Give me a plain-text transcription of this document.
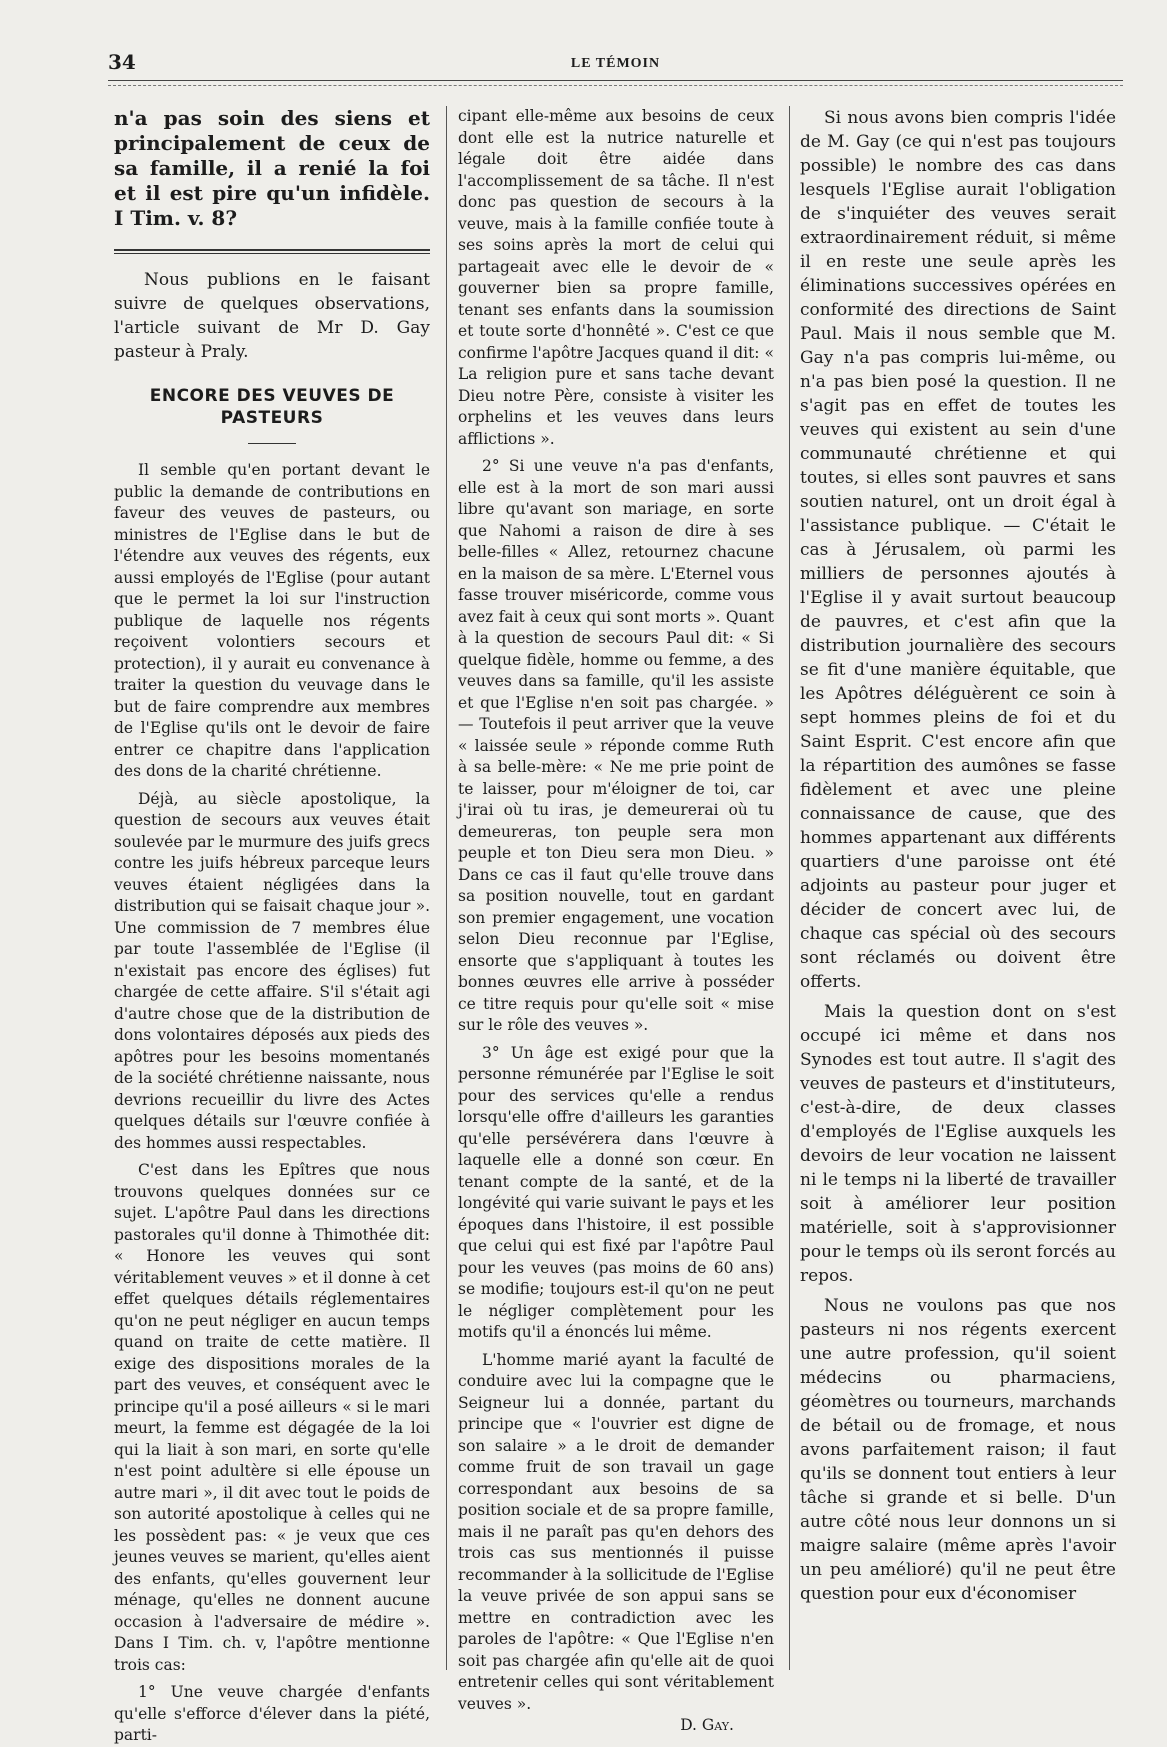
34	LE TÉMOIN

n'a pas soin des siens et principalement de ceux de sa famille, il a renié la foi et il est pire qu'un infidèle. I Tim. v. 8?

Nous publions en le faisant suivre de quelques observations, l'article suivant de Mr D. Gay pasteur à Praly.

ENCORE DES VEUVES DE PASTEURS

Il semble qu'en portant devant le public la demande de contributions en faveur des veuves de pasteurs, ou ministres de l'Eglise dans le but de l'étendre aux veuves des régents, eux aussi employés de l'Eglise (pour autant que le permet la loi sur l'instruction publique de laquelle nos régents reçoivent volontiers secours et protection), il y aurait eu convenance à traiter la question du veuvage dans le but de faire comprendre aux membres de l'Eglise qu'ils ont le devoir de faire entrer ce chapitre dans l'application des dons de la charité chrétienne.

Déjà, au siècle apostolique, la question de secours aux veuves était soulevée par le murmure des juifs grecs contre les juifs hébreux parceque leurs veuves étaient négligées dans la distribution qui se faisait chaque jour ». Une commission de 7 membres élue par toute l'assemblée de l'Eglise (il n'existait pas encore des églises) fut chargée de cette affaire. S'il s'était agi d'autre chose que de la distribution de dons volontaires déposés aux pieds des apôtres pour les besoins momentanés de la société chrétienne naissante, nous devrions recueillir du livre des Actes quelques détails sur l'œuvre confiée à des hommes aussi respectables.

C'est dans les Epîtres que nous trouvons quelques données sur ce sujet. L'apôtre Paul dans les directions pastorales qu'il donne à Thimothée dit: « Honore les veuves qui sont véritablement veuves » et il donne à cet effet quelques détails réglementaires qu'on ne peut négliger en aucun temps quand on traite de cette matière. Il exige des dispositions morales de la part des veuves, et conséquent avec le principe qu'il a posé ailleurs « si le mari meurt, la femme est dégagée de la loi qui la liait à son mari, en sorte qu'elle n'est point adultère si elle épouse un autre mari », il dit avec tout le poids de son autorité apostolique à celles qui ne les possèdent pas: « je veux que ces jeunes veuves se marient, qu'elles aient des enfants, qu'elles gouvernent leur ménage, qu'elles ne donnent aucune occasion à l'adversaire de médire ». Dans I Tim. ch. v, l'apôtre mentionne trois cas:

1° Une veuve chargée d'enfants qu'elle s'efforce d'élever dans la piété, parti-

cipant elle-même aux besoins de ceux dont elle est la nutrice naturelle et légale doit être aidée dans l'accomplissement de sa tâche. Il n'est donc pas question de secours à la veuve, mais à la famille confiée toute à ses soins après la mort de celui qui partageait avec elle le devoir de « gouverner bien sa propre famille, tenant ses enfants dans la soumission et toute sorte d'honnêté ». C'est ce que confirme l'apôtre Jacques quand il dit: « La religion pure et sans tache devant Dieu notre Père, consiste à visiter les orphelins et les veuves dans leurs afflictions ».

2° Si une veuve n'a pas d'enfants, elle est à la mort de son mari aussi libre qu'avant son mariage, en sorte que Nahomi a raison de dire à ses belle-filles « Allez, retournez chacune en la maison de sa mère. L'Eternel vous fasse trouver miséricorde, comme vous avez fait à ceux qui sont morts ». Quant à la question de secours Paul dit: « Si quelque fidèle, homme ou femme, a des veuves dans sa famille, qu'il les assiste et que l'Eglise n'en soit pas chargée. » — Toutefois il peut arriver que la veuve « laissée seule » réponde comme Ruth à sa belle-mère: « Ne me prie point de te laisser, pour m'éloigner de toi, car j'irai où tu iras, je demeurerai où tu demeureras, ton peuple sera mon peuple et ton Dieu sera mon Dieu. » Dans ce cas il faut qu'elle trouve dans sa position nouvelle, tout en gardant son premier engagement, une vocation selon Dieu reconnue par l'Eglise, ensorte que s'appliquant à toutes les bonnes œuvres elle arrive à posséder ce titre requis pour qu'elle soit « mise sur le rôle des veuves ».

3° Un âge est exigé pour que la personne rémunérée par l'Eglise le soit pour des services qu'elle a rendus lorsqu'elle offre d'ailleurs les garanties qu'elle persévérera dans l'œuvre à laquelle elle a donné son cœur. En tenant compte de la santé, et de la longévité qui varie suivant le pays et les époques dans l'histoire, il est possible que celui qui est fixé par l'apôtre Paul pour les veuves (pas moins de 60 ans) se modifie; toujours est-il qu'on ne peut le négliger complètement pour les motifs qu'il a énoncés lui même.

L'homme marié ayant la faculté de conduire avec lui la compagne que le Seigneur lui a donnée, partant du principe que « l'ouvrier est digne de son salaire » a le droit de demander comme fruit de son travail un gage correspondant aux besoins de sa position sociale et de sa propre famille, mais il ne paraît pas qu'en dehors des trois cas sus mentionnés il puisse recommander à la sollicitude de l'Eglise la veuve privée de son appui sans se mettre en contradiction avec les paroles de l'apôtre: « Que l'Eglise n'en soit pas chargée afin qu'elle ait de quoi entretenir celles qui sont véritablement veuves ».

D. Gay.

Si nous avons bien compris l'idée de M. Gay (ce qui n'est pas toujours possible) le nombre des cas dans lesquels l'Eglise aurait l'obligation de s'inquiéter des veuves serait extraordinairement réduit, si même il en reste une seule après les éliminations successives opérées en conformité des directions de Saint Paul. Mais il nous semble que M. Gay n'a pas compris lui-même, ou n'a pas bien posé la question. Il ne s'agit pas en effet de toutes les veuves qui existent au sein d'une communauté chrétienne et qui toutes, si elles sont pauvres et sans soutien naturel, ont un droit égal à l'assistance publique. — C'était le cas à Jérusalem, où parmi les milliers de personnes ajoutés à l'Eglise il y avait surtout beaucoup de pauvres, et c'est afin que la distribution journalière des secours se fit d'une manière équitable, que les Apôtres déléguèrent ce soin à sept hommes pleins de foi et du Saint Esprit. C'est encore afin que la répartition des aumônes se fasse fidèlement et avec une pleine connaissance de cause, que des hommes appartenant aux différents quartiers d'une paroisse ont été adjoints au pasteur pour juger et décider de concert avec lui, de chaque cas spécial où des secours sont réclamés ou doivent être offerts.

Mais la question dont on s'est occupé ici même et dans nos Synodes est tout autre. Il s'agit des veuves de pasteurs et d'instituteurs, c'est-à-dire, de deux classes d'employés de l'Eglise auxquels les devoirs de leur vocation ne laissent ni le temps ni la liberté de travailler soit à améliorer leur position matérielle, soit à s'approvisionner pour le temps où ils seront forcés au repos.

Nous ne voulons pas que nos pasteurs ni nos régents exercent une autre profession, qu'il soient médecins ou pharmaciens, géomètres ou tourneurs, marchands de bétail ou de fromage, et nous avons parfaitement raison; il faut qu'ils se donnent tout entiers à leur tâche si grande et si belle. D'un autre côté nous leur donnons un si maigre salaire (même après l'avoir un peu amélioré) qu'il ne peut être question pour eux d'économiser
